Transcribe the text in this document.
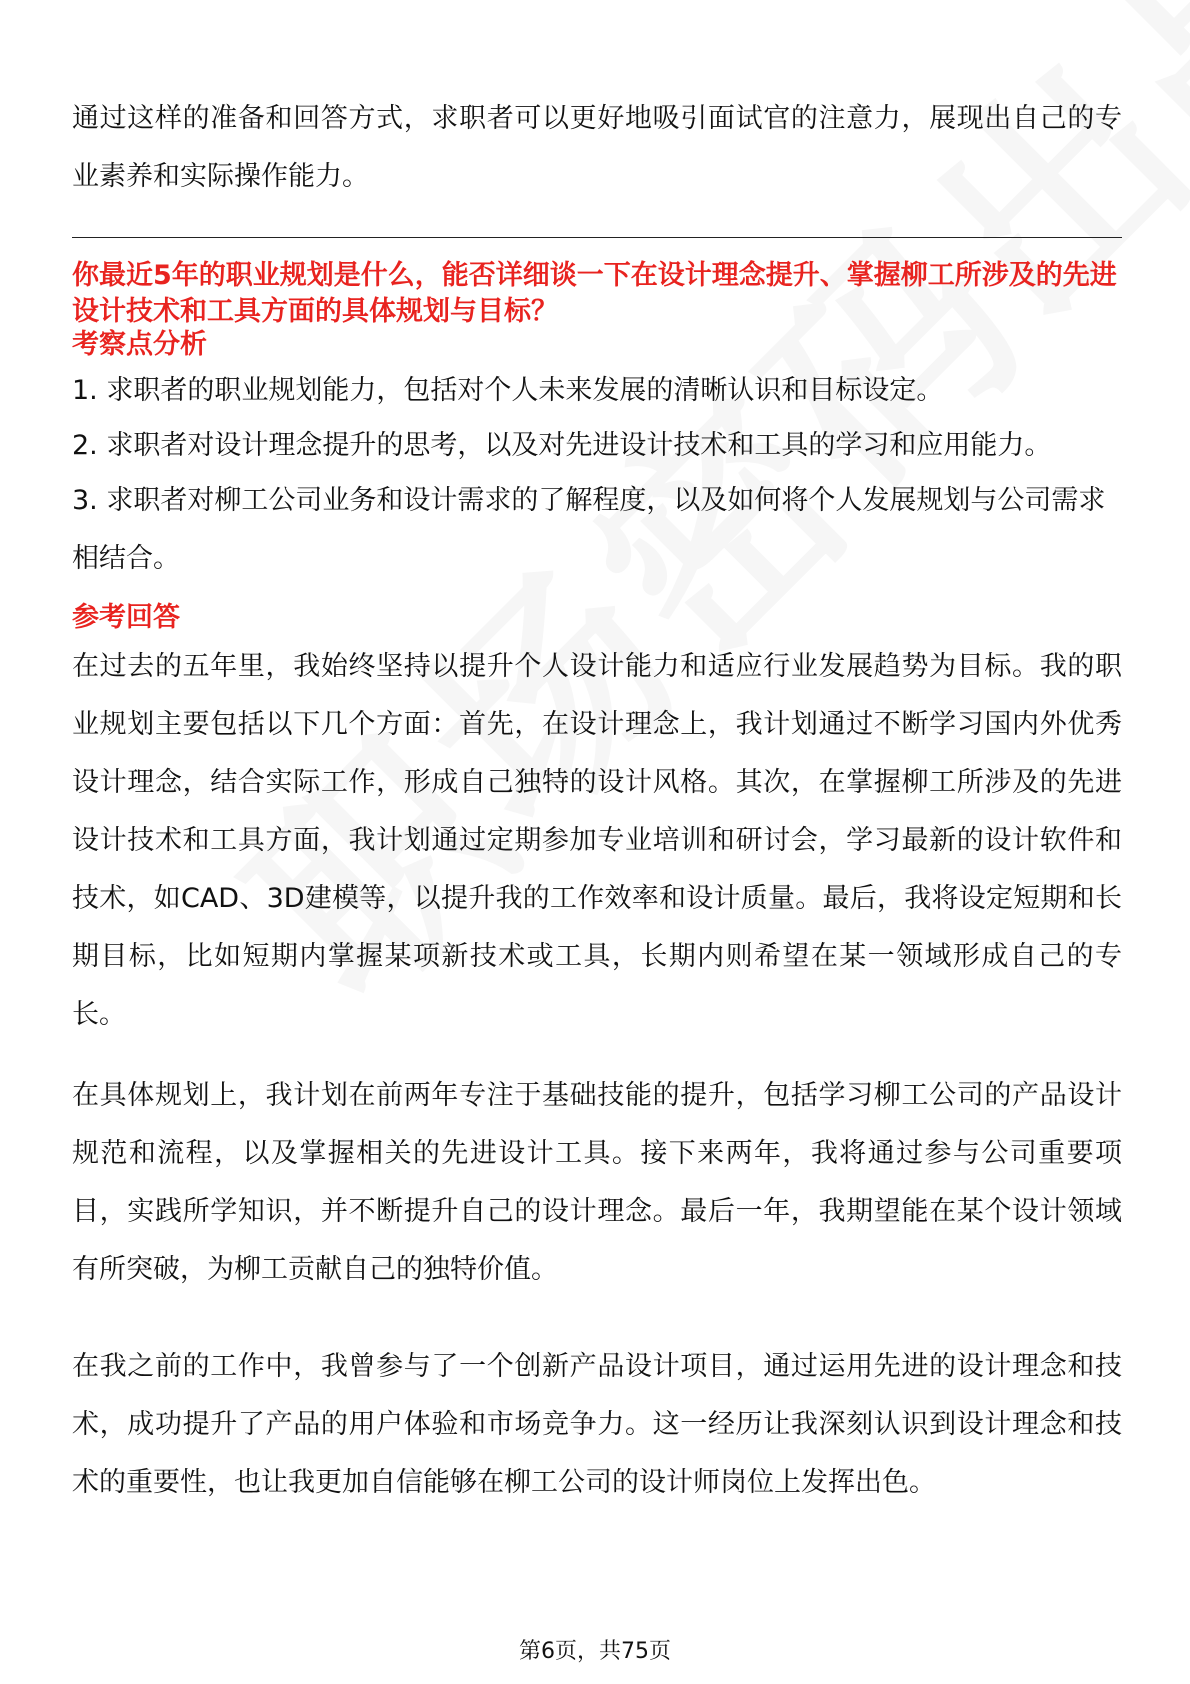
通过这样的准备和回答方式，求职者可以更好地吸引面试官的注意力，展现出自己的专业素养和实际操作能力。

你最近5年的职业规划是什么，能否详细谈一下在设计理念提升、掌握柳工所涉及的先进设计技术和工具方面的具体规划与目标？

考察点分析

1. 求职者的职业规划能力，包括对个人未来发展的清晰认识和目标设定。

2. 求职者对设计理念提升的思考，以及对先进设计技术和工具的学习和应用能力。

3. 求职者对柳工公司业务和设计需求的了解程度，以及如何将个人发展规划与公司需求相结合。

参考回答

在过去的五年里，我始终坚持以提升个人设计能力和适应行业发展趋势为目标。我的职业规划主要包括以下几个方面：首先，在设计理念上，我计划通过不断学习国内外优秀设计理念，结合实际工作，形成自己独特的设计风格。其次，在掌握柳工所涉及的先进设计技术和工具方面，我计划通过定期参加专业培训和研讨会，学习最新的设计软件和技术，如CAD、3D建模等，以提升我的工作效率和设计质量。最后，我将设定短期和长期目标，比如短期内掌握某项新技术或工具，长期内则希望在某一领域形成自己的专长。

在具体规划上，我计划在前两年专注于基础技能的提升，包括学习柳工公司的产品设计规范和流程，以及掌握相关的先进设计工具。接下来两年，我将通过参与公司重要项目，实践所学知识，并不断提升自己的设计理念。最后一年，我期望能在某个设计领域有所突破，为柳工贡献自己的独特价值。

在我之前的工作中，我曾参与了一个创新产品设计项目，通过运用先进的设计理念和技术，成功提升了产品的用户体验和市场竞争力。这一经历让我深刻认识到设计理念和技术的重要性，也让我更加自信能够在柳工公司的设计师岗位上发挥出色。

第6页，共75页
